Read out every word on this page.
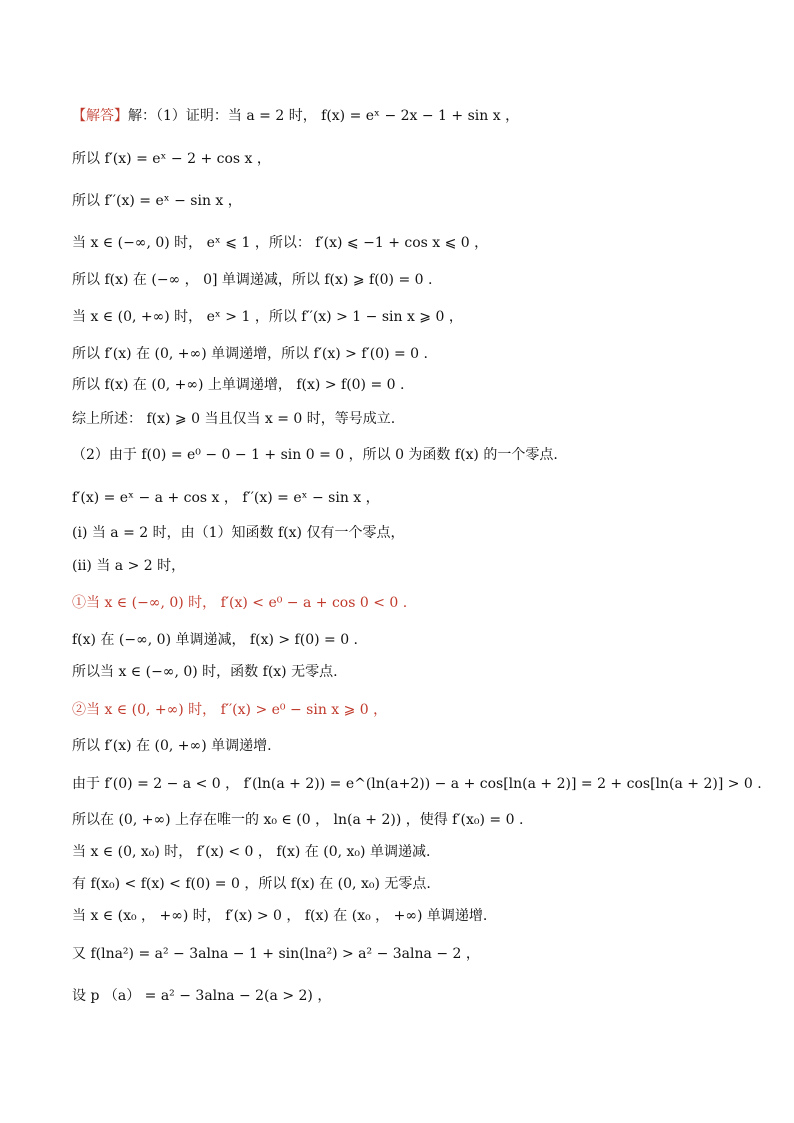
【解答】解：（1）证明：当 a = 2 时， f(x) = eˣ − 2x − 1 + sin x ，
所以 f′(x) = eˣ − 2 + cos x ，
所以 f′′(x) = eˣ − sin x ，
当 x ∈ (−∞, 0) 时， eˣ ⩽ 1 ，所以： f′(x) ⩽ −1 + cos x ⩽ 0 ，
所以 f(x) 在 (−∞ ， 0] 单调递减，所以 f(x) ⩾ f(0) = 0 .
当 x ∈ (0, +∞) 时， eˣ > 1 ，所以 f′′(x) > 1 − sin x ⩾ 0 ，
所以 f′(x) 在 (0, +∞) 单调递增，所以 f′(x) > f′(0) = 0 .
所以 f(x) 在 (0, +∞) 上单调递增， f(x) > f(0) = 0 .
综上所述： f(x) ⩾ 0 当且仅当 x = 0 时，等号成立.
（2）由于 f(0) = e⁰ − 0 − 1 + sin 0 = 0 ，所以 0 为函数 f(x) 的一个零点.
f′(x) = eˣ − a + cos x ， f′′(x) = eˣ − sin x ，
(i) 当 a = 2 时，由（1）知函数 f(x) 仅有一个零点，
(ii) 当 a > 2 时，
①当 x ∈ (−∞, 0) 时， f′(x) < e⁰ − a + cos 0 < 0 .
f(x) 在 (−∞, 0) 单调递减， f(x) > f(0) = 0 .
所以当 x ∈ (−∞, 0) 时，函数 f(x) 无零点.
②当 x ∈ (0, +∞) 时， f′′(x) > e⁰ − sin x ⩾ 0 ，
所以 f′(x) 在 (0, +∞) 单调递增.
由于 f′(0) = 2 − a < 0 ， f′(ln(a + 2)) = e^(ln(a+2)) − a + cos[ln(a + 2)] = 2 + cos[ln(a + 2)] > 0 .
所以在 (0, +∞) 上存在唯一的 x₀ ∈ (0 ， ln(a + 2)) ，使得 f′(x₀) = 0 .
当 x ∈ (0, x₀) 时， f′(x) < 0 ， f(x) 在 (0, x₀) 单调递减.
有 f(x₀) < f(x) < f(0) = 0 ，所以 f(x) 在 (0, x₀) 无零点.
当 x ∈ (x₀ ， +∞) 时， f′(x) > 0 ， f(x) 在 (x₀ ， +∞) 单调递增.
又 f(lna²) = a² − 3alna − 1 + sin(lna²) > a² − 3alna − 2 ，
设 p （a） = a² − 3alna − 2(a > 2) ，
